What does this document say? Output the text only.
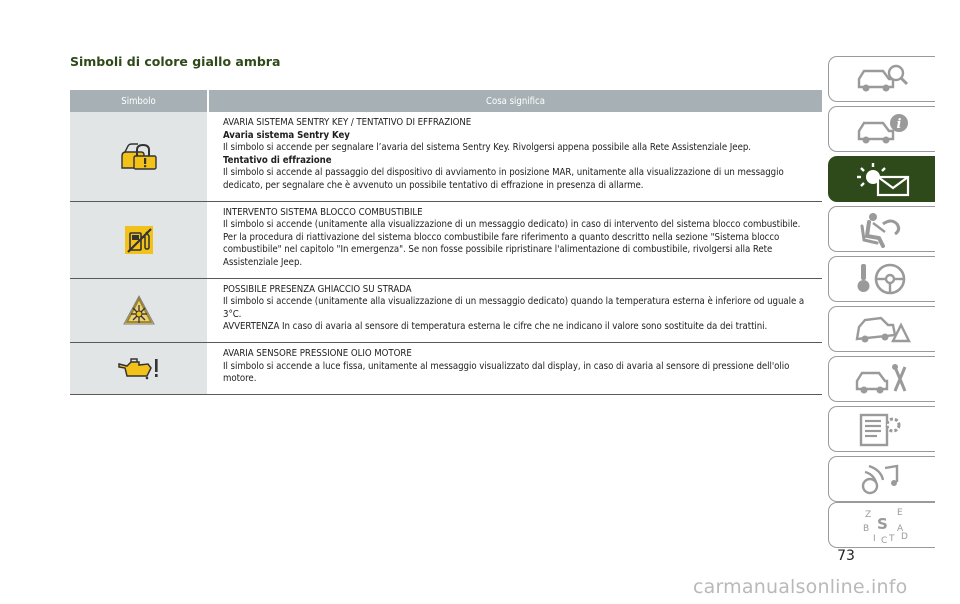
Simboli di colore giallo ambra
Simbolo	Cosa significa
AVARIA SISTEMA SENTRY KEY / TENTATIVO DI EFFRAZIONE
Avaria sistema Sentry Key
Il simbolo si accende per segnalare l’avaria del sistema Sentry Key. Rivolgersi appena possibile alla Rete Assistenziale Jeep.
Tentativo di effrazione
Il simbolo si accende al passaggio del dispositivo di avviamento in posizione MAR, unitamente alla visualizzazione di un messaggio dedicato, per segnalare che è avvenuto un possibile tentativo di effrazione in presenza di allarme.
INTERVENTO SISTEMA BLOCCO COMBUSTIBILE
Il simbolo si accende (unitamente alla visualizzazione di un messaggio dedicato) in caso di intervento del sistema blocco combustibile.
Per la procedura di riattivazione del sistema blocco combustibile fare riferimento a quanto descritto nella sezione "Sistema blocco combustibile" nel capitolo "In emergenza". Se non fosse possibile ripristinare l'alimentazione di combustibile, rivolgersi alla Rete Assistenziale Jeep.
POSSIBILE PRESENZA GHIACCIO SU STRADA
Il simbolo si accende (unitamente alla visualizzazione di un messaggio dedicato) quando la temperatura esterna è inferiore od uguale a 3°C.
AVVERTENZA In caso di avaria al sensore di temperatura esterna le cifre che ne indicano il valore sono sostituite da dei trattini.
AVARIA SENSORE PRESSIONE OLIO MOTORE
Il simbolo si accende a luce fissa, unitamente al messaggio visualizzato dal display, in caso di avaria al sensore di pressione dell'olio motore.
i
Z	E
B	A
I C T D
S
73
carmanualsonline.info
